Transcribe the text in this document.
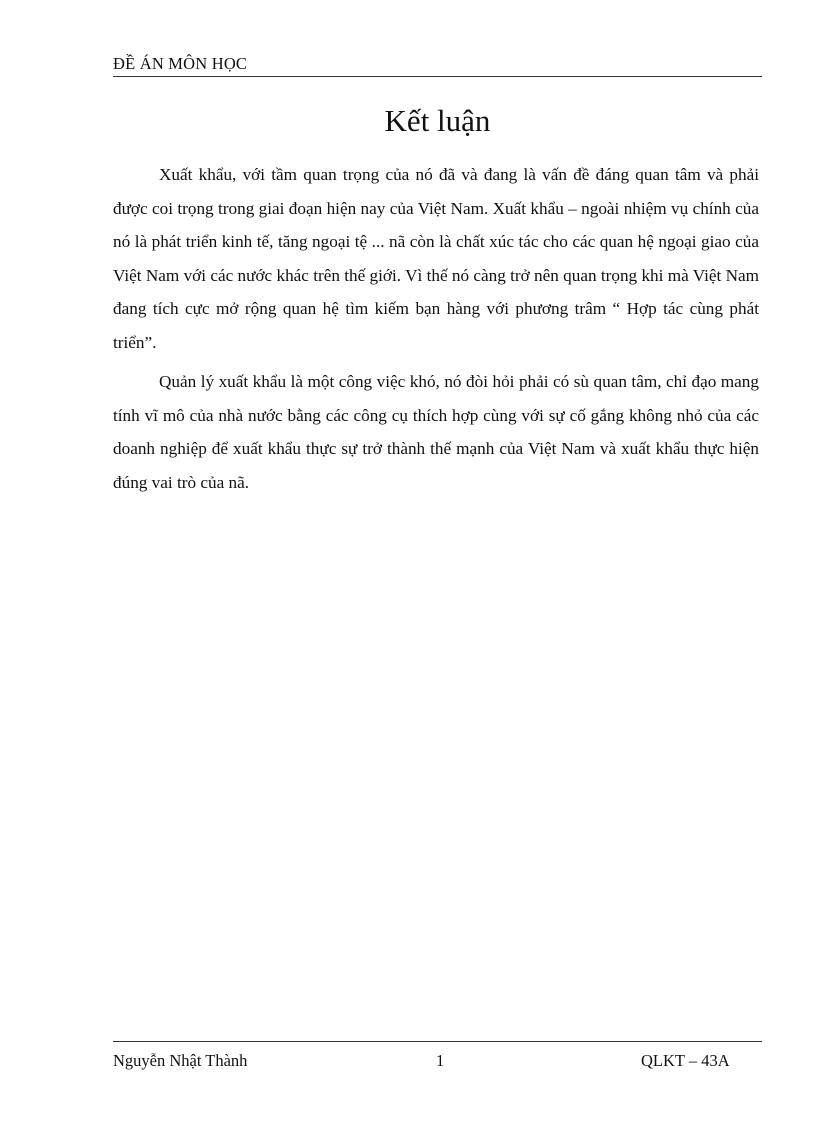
ĐỀ ÁN MÔN HỌC
Kết luận

Xuất khẩu, với tầm quan trọng của nó đã và đang là vấn đề đáng quan tâm và phải được coi trọng trong giai đoạn hiện nay của Việt Nam. Xuất khẩu – ngoài nhiệm vụ chính của nó là phát triển kinh tế, tăng ngoại tệ ... nã còn là chất xúc tác cho các quan hệ ngoại giao của Việt Nam với các nước khác trên thế giới. Vì thế nó càng trở nên quan trọng khi mà Việt Nam đang tích cực mở rộng quan hệ tìm kiếm bạn hàng với phương trâm “ Hợp tác cùng phát triển”.

Quản lý xuất khẩu là một công việc khó, nó đòi hỏi phải có sù quan tâm, chỉ đạo mang tính vĩ mô của nhà nước bằng các công cụ thích hợp cùng với sự cố gắng không nhỏ của các doanh nghiệp để xuất khẩu thực sự trở thành thế mạnh của Việt Nam và xuất khẩu thực hiện đúng vai trò của nã.

Nguyễn Nhật Thành	1	QLKT – 43A
